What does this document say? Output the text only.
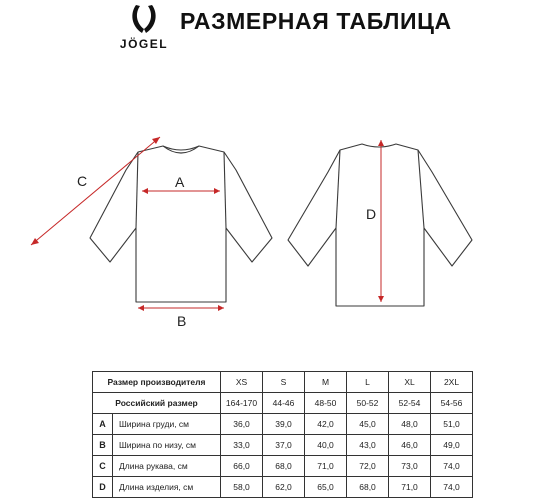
JÖGEL
РАЗМЕРНАЯ ТАБЛИЦА
A
B
C
D
Размер производителя		XS	S	M	L	XL	2XL
Российский размер		164-170	44-46	48-50	50-52	52-54	54-56
A	Ширина груди, см	36,0	39,0	42,0	45,0	48,0	51,0
B	Ширина по низу, см	33,0	37,0	40,0	43,0	46,0	49,0
C	Длина рукава, см	66,0	68,0	71,0	72,0	73,0	74,0
D	Длина изделия, см	58,0	62,0	65,0	68,0	71,0	74,0
